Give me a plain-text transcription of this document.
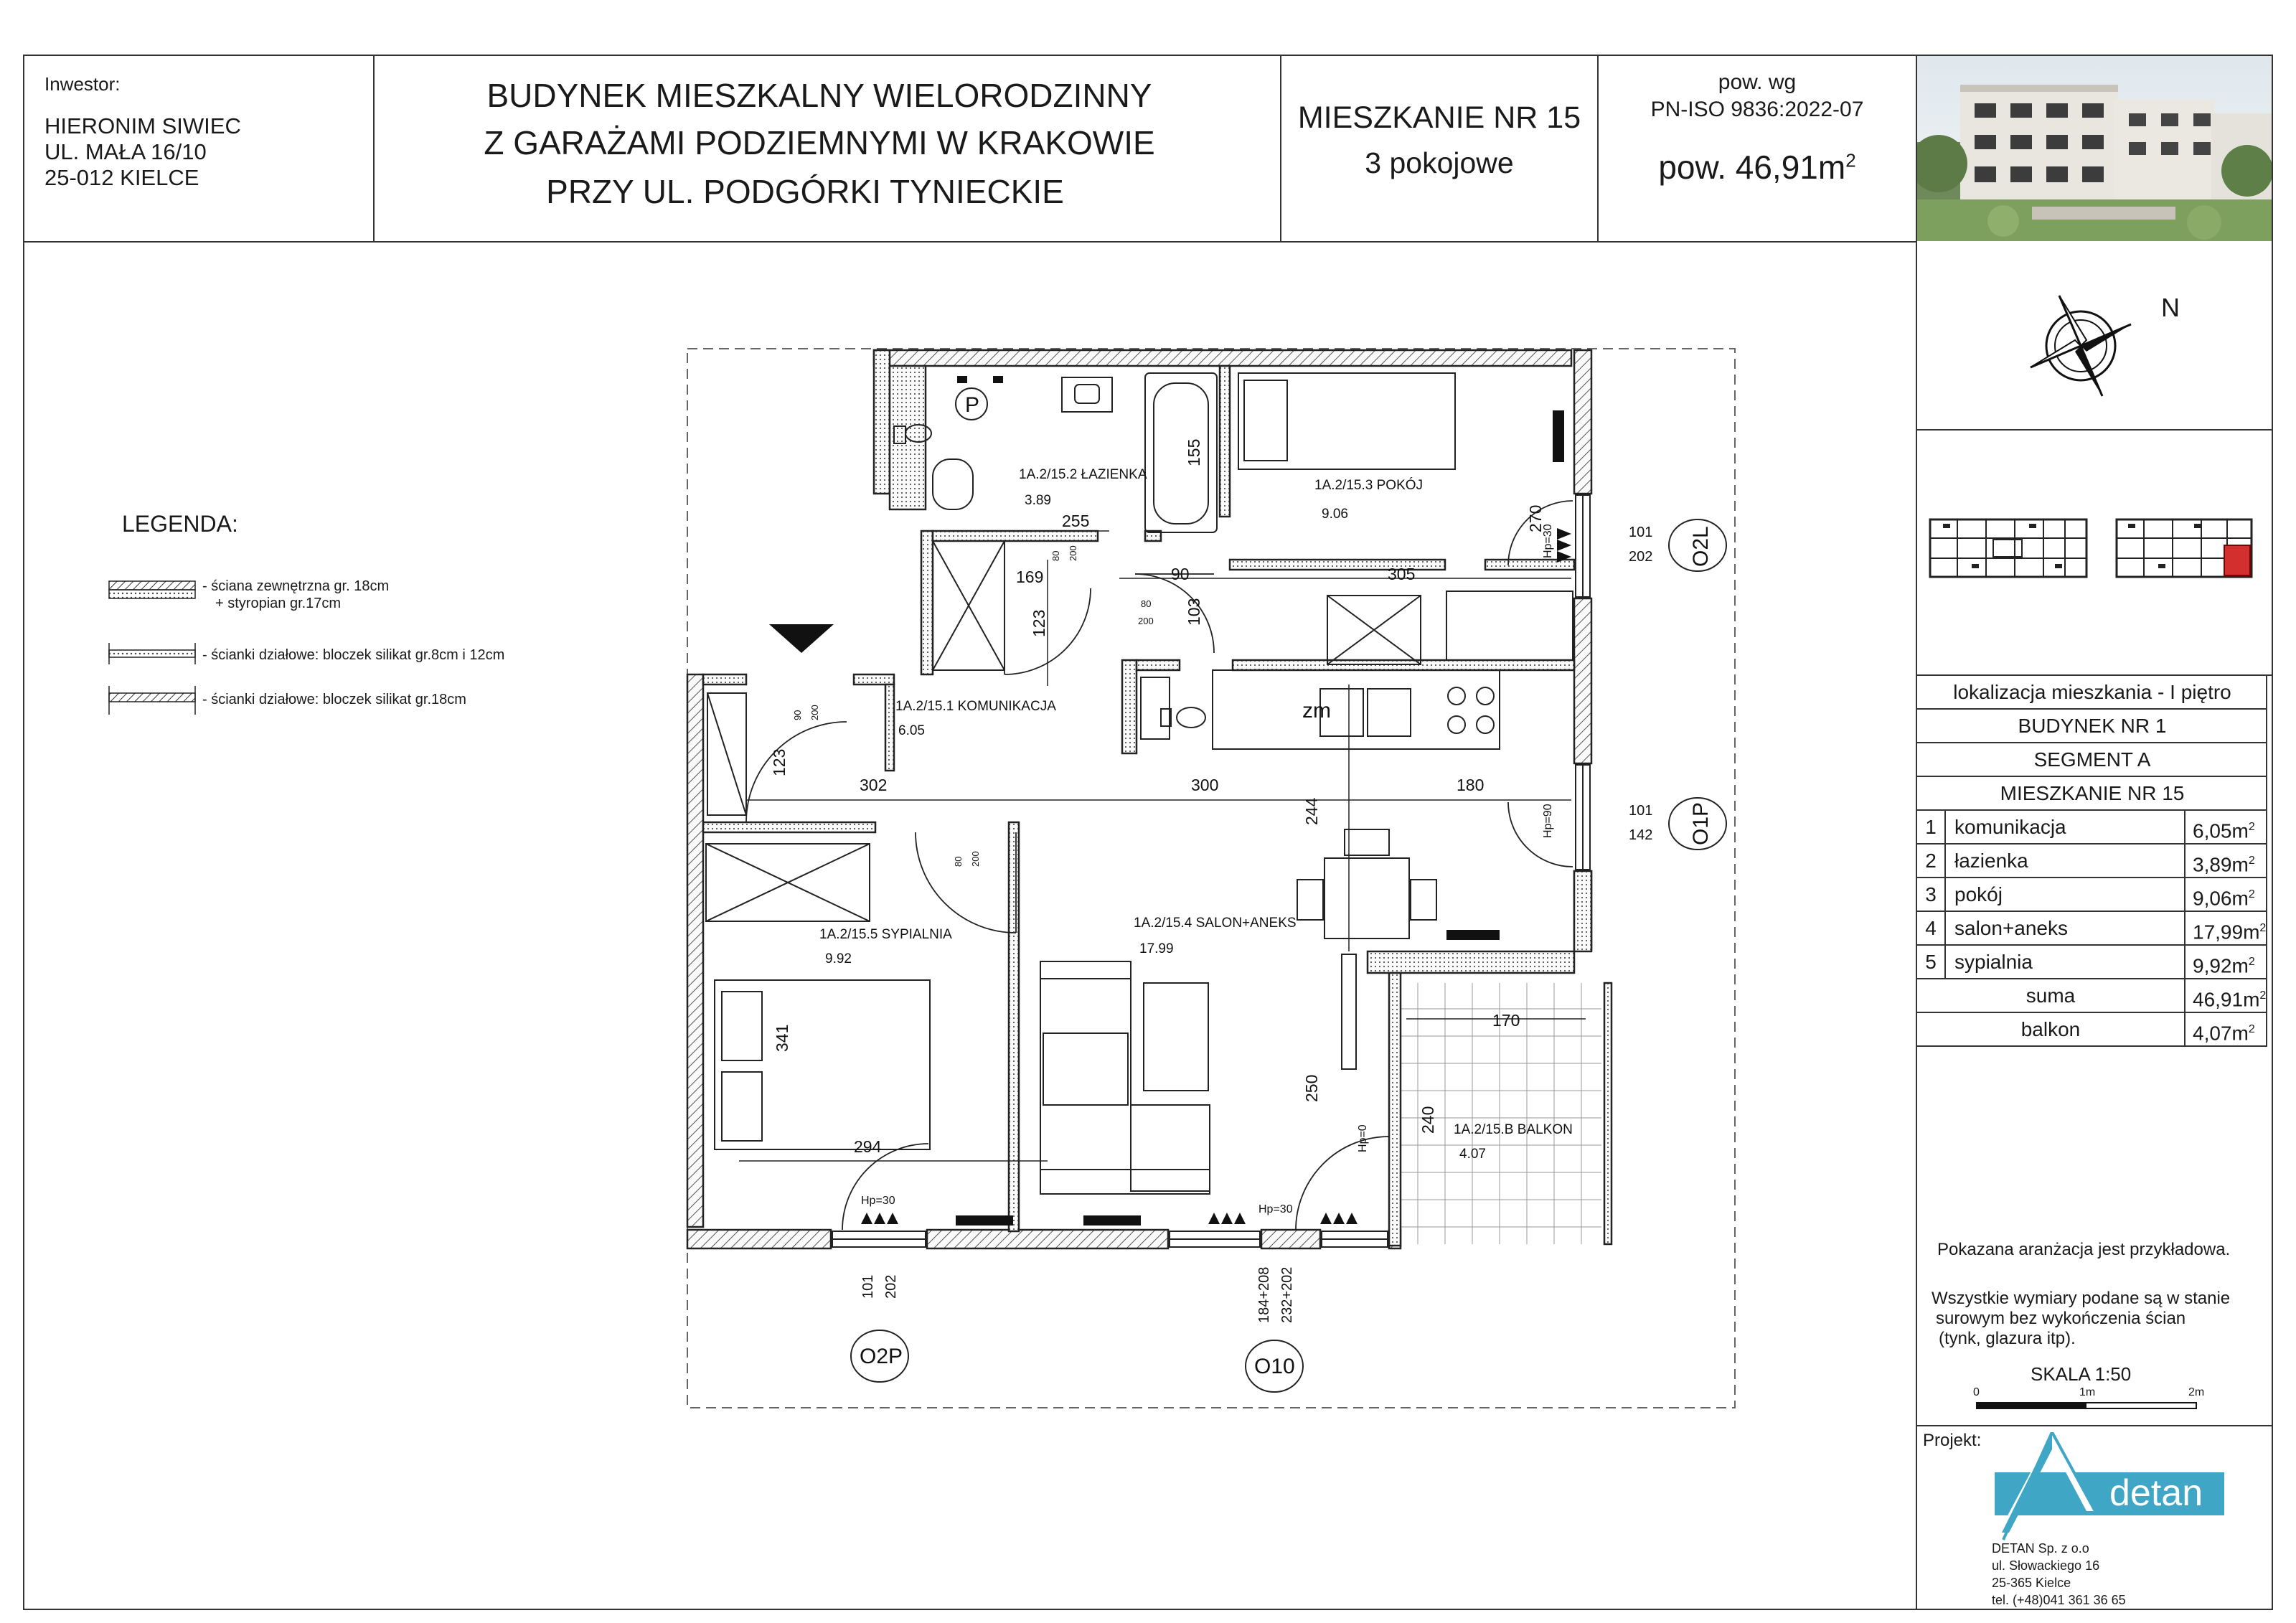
Inwestor:
HIERONIM SIWIEC
UL. MAŁA 16/10
25-012 KIELCE
BUDYNEK MIESZKALNY WIELORODZINNY
Z GARAŻAMI PODZIEMNYMI W KRAKOWIE
PRZY UL. PODGÓRKI TYNIECKIE
MIESZKANIE NR 15
3 pokojowe
pow. wg
PN-ISO 9836:2022-07
pow. $46,91m^2$
N
lokalizacja mieszkania - I piętro
BUDYNEK NR 1
SEGMENT A
MIESZKANIE NR 15
1 komunikacja	$6,05m^2$
2 łazienka	$3,89m^2$
3 pokój	$9,06m^2$
4 salon+aneks	$17,99m^2$
5 sypialnia	$9,92m^2$
suma	$46,91m^2$
balkon	$4,07m^2$
Pokazana aranżacja jest przykładowa.
Wszystkie wymiary podane są w stanie
surowym bez wykończenia ścian
(tynk, glazura itp).
SKALA 1:50
0	1m	2m
Projekt:
detan
DETAN Sp. z o.o
ul. Słowackiego 16
25-365 Kielce
tel. (+48)041 361 36 65
LEGENDA:
- ściana zewnętrzna gr. 18cm
+ styropian gr.17cm
- ścianki działowe: bloczek silikat gr.8cm i 12cm
- ścianki działowe: bloczek silikat gr.18cm
P
zm
1A.2/15.2 ŁAZIENKA
3.89
1A.2/15.3 POKÓJ
9.06
1A.2/15.1 KOMUNIKACJA
6.05
1A.2/15.5 SYPIALNIA
9.92
1A.2/15.4 SALON+ANEKS
17.99
1A.2/15.B BALKON
4.07
255
155
169
123
90
103
305
270
302	300	180
123
244
341
294
250
240
170
80 200
80
200
90 200
80 200
101
202
101
142
101 202	184+208 232+202
Hp=30
Hp=90
Hp=30
Hp=30
Hp=0
O2L
O1P
O2P	O10
